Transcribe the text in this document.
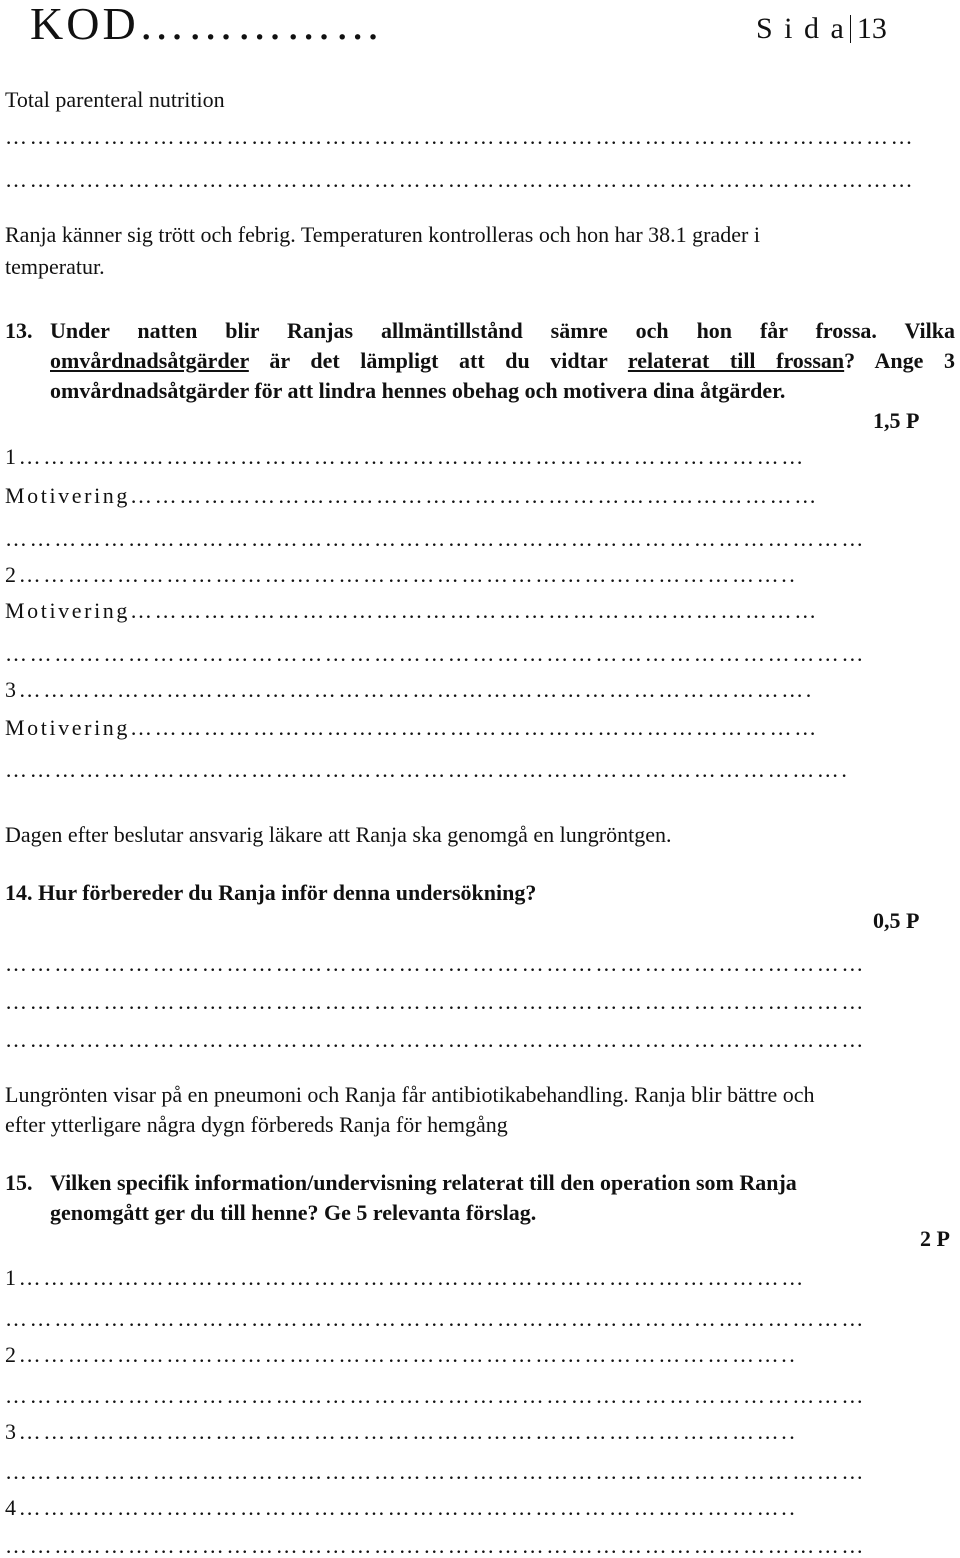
KOD……………	S i d a 13
Total parenteral nutrition
…………………………………………………………………………………………………
…………………………………………………………………………………………………
Ranja känner sig trött och febrig. Temperaturen kontrolleras och hon har 38.1 grader i
temperatur.
13. Under natten blir Ranjas allmäntillstånd sämre och hon får frossa. Vilka
omvårdnadsåtgärder är det lämpligt att du vidtar relaterat till frossan? Ange 3
omvårdnadsåtgärder för att lindra hennes obehag och motivera dina åtgärder.
1,5 P
1……………………………………………………………………………………
Motivering…………………………………………………………………………
……………………………………………………………………………………………
2…………………………………………………………………………………..
Motivering…………………………………………………………………………
……………………………………………………………………………………………
3…………………………………………………………………………………….
Motivering…………………………………………………………………………
………………………………………………………………………………………….
Dagen efter beslutar ansvarig läkare att Ranja ska genomgå en lungröntgen.
14. Hur förbereder du Ranja inför denna undersökning?
0,5 P
……………………………………………………………………………………………
……………………………………………………………………………………………
……………………………………………………………………………………………
Lungrönten visar på en pneumoni och Ranja får antibiotikabehandling. Ranja blir bättre och
efter ytterligare några dygn förbereds Ranja för hemgång
15. Vilken specifik information/undervisning relaterat till den operation som Ranja
genomgått ger du till henne? Ge 5 relevanta förslag.
2 P
1……………………………………………………………………………………
……………………………………………………………………………………………
2…………………………………………………………………………………..
……………………………………………………………………………………………
3…………………………………………………………………………………..
……………………………………………………………………………………………
4…………………………………………………………………………………..
……………………………………………………………………………………………
